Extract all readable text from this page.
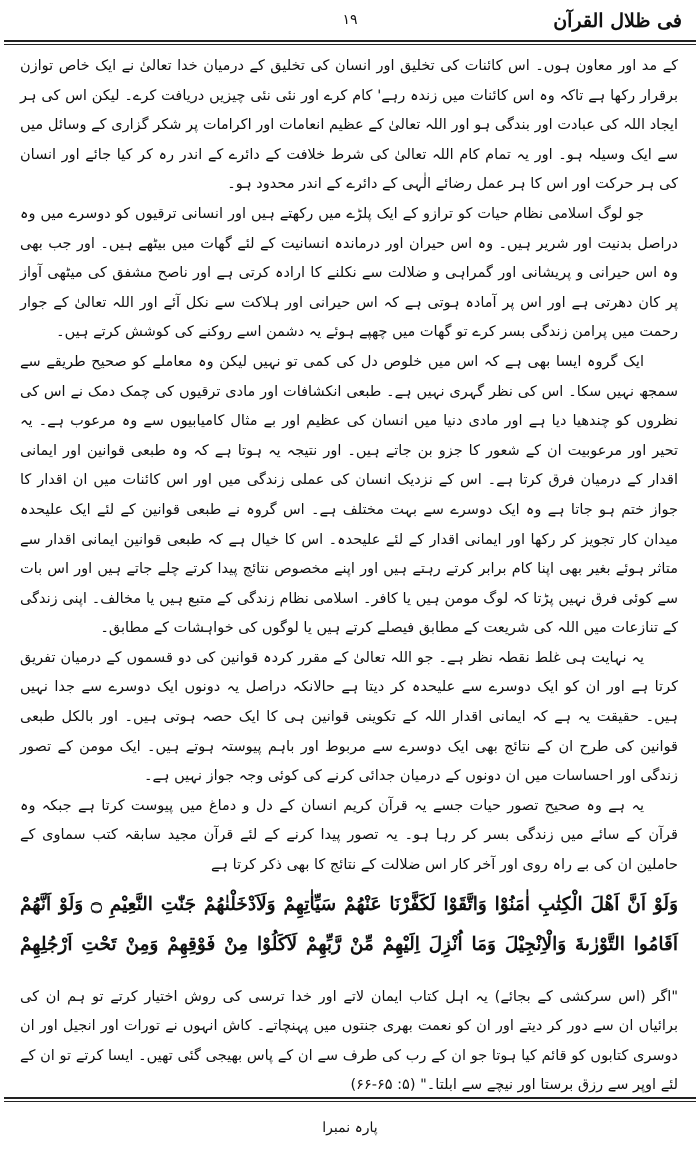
فی ظلال القرآن
۱۹

کے مد اور معاون ہوں۔ اس کائنات کی تخلیق اور انسان کی تخلیق کے درمیان خدا تعالیٰ نے ایک خاص توازن برقرار رکھا ہے تاکہ وہ اس کائنات میں زندہ رہے' کام کرے اور نئی نئی چیزیں دریافت کرے۔ لیکن اس کی ہر ایجاد اللہ کی عبادت اور بندگی ہو اور اللہ تعالیٰ کے عظیم انعامات اور اکرامات پر شکر گزاری کے وسائل میں سے ایک وسیلہ ہو۔ اور یہ تمام کام اللہ تعالیٰ کی شرط خلافت کے دائرے کے اندر رہ کر کیا جائے اور انسان کی ہر حرکت اور اس کا ہر عمل رضائے الٰہی کے دائرے کے اندر محدود ہو۔

جو لوگ اسلامی نظام حیات کو ترازو کے ایک پلڑے میں رکھتے ہیں اور انسانی ترقیوں کو دوسرے میں وہ دراصل بدنیت اور شریر ہیں۔ وہ اس حیران اور درماندہ انسانیت کے لئے گھات میں بیٹھے ہیں۔ اور جب بھی وہ اس حیرانی و پریشانی اور گمراہی و ضلالت سے نکلنے کا ارادہ کرتی ہے اور ناصح مشفق کی میٹھی آواز پر کان دھرتی ہے اور اس پر آمادہ ہوتی ہے کہ اس حیرانی اور ہلاکت سے نکل آئے اور اللہ تعالیٰ کے جوار رحمت میں پرامن زندگی بسر کرے تو گھات میں چھپے ہوئے یہ دشمن اسے روکنے کی کوشش کرتے ہیں۔

ایک گروہ ایسا بھی ہے کہ اس میں خلوص دل کی کمی تو نہیں لیکن وہ معاملے کو صحیح طریقے سے سمجھ نہیں سکا۔ اس کی نظر گہری نہیں ہے۔ طبعی انکشافات اور مادی ترقیوں کی چمک دمک نے اس کی نظروں کو چندھیا دیا ہے اور مادی دنیا میں انسان کی عظیم اور بے مثال کامیابیوں سے وہ مرعوب ہے۔ یہ تحیر اور مرعوبیت ان کے شعور کا جزو بن جاتے ہیں۔ اور نتیجہ یہ ہوتا ہے کہ وہ طبعی قوانین اور ایمانی اقدار کے درمیان فرق کرتا ہے۔ اس کے نزدیک انسان کی عملی زندگی میں اور اس کائنات میں ان اقدار کا جواز ختم ہو جاتا ہے وہ ایک دوسرے سے بہت مختلف ہے۔ اس گروہ نے طبعی قوانین کے لئے ایک علیحدہ میدان کار تجویز کر رکھا اور ایمانی اقدار کے لئے علیحدہ۔ اس کا خیال ہے کہ طبعی قوانین ایمانی اقدار سے متاثر ہوئے بغیر بھی اپنا کام برابر کرتے رہتے ہیں اور اپنے مخصوص نتائج پیدا کرتے چلے جاتے ہیں اور اس بات سے کوئی فرق نہیں پڑتا کہ لوگ مومن ہیں یا کافر۔ اسلامی نظام زندگی کے متبع ہیں یا مخالف۔ اپنی زندگی کے تنازعات میں اللہ کی شریعت کے مطابق فیصلے کرتے ہیں یا لوگوں کی خواہشات کے مطابق۔

یہ نہایت ہی غلط نقطہ نظر ہے۔ جو اللہ تعالیٰ کے مقرر کردہ قوانین کی دو قسموں کے درمیان تفریق کرتا ہے اور ان کو ایک دوسرے سے علیحدہ کر دیتا ہے حالانکہ دراصل یہ دونوں ایک دوسرے سے جدا نہیں ہیں۔ حقیقت یہ ہے کہ ایمانی اقدار اللہ کے تکوینی قوانین ہی کا ایک حصہ ہوتی ہیں۔ اور بالکل طبعی قوانین کی طرح ان کے نتائج بھی ایک دوسرے سے مربوط اور باہم پیوستہ ہوتے ہیں۔ ایک مومن کے تصور زندگی اور احساسات میں ان دونوں کے درمیان جدائی کرنے کی کوئی وجہ جواز نہیں ہے۔

یہ ہے وہ صحیح تصور حیات جسے یہ قرآن کریم انسان کے دل و دماغ میں پیوست کرتا ہے جبکہ وہ قرآن کے سائے میں زندگی بسر کر رہا ہو۔ یہ تصور پیدا کرنے کے لئے قرآن مجید سابقہ کتب سماوی کے حاملین ان کی بے راہ روی اور آخر کار اس ضلالت کے نتائج کا بھی ذکر کرتا ہے

وَلَوْ اَنَّ اَهْلَ الْكِتٰبِ اٰمَنُوْا وَاتَّقَوْا لَكَفَّرْنَا عَنْهُمْ سَيِّاٰتِهِمْ وَلَاَدْخَلْنٰهُمْ جَنّٰتِ النَّعِيْمِ ۝ وَلَوْ اَنَّهُمْ اَقَامُوا التَّوْرٰىةَ وَالْاِنْجِيْلَ وَمَا اُنْزِلَ اِلَيْهِمْ مِّنْ رَّبِّهِمْ لَاَكَلُوْا مِنْ فَوْقِهِمْ وَمِنْ تَحْتِ اَرْجُلِهِمْ

"اگر (اس سرکشی کے بجائے) یہ اہل کتاب ایمان لاتے اور خدا ترسی کی روش اختیار کرتے تو ہم ان کی برائیاں ان سے دور کر دیتے اور ان کو نعمت بھری جنتوں میں پہنچاتے۔ کاش انہوں نے تورات اور انجیل اور ان دوسری کتابوں کو قائم کیا ہوتا جو ان کے رب کی طرف سے ان کے پاس بھیجی گئی تھیں۔ ایسا کرتے تو ان کے لئے اوپر سے رزق برستا اور نیچے سے ابلتا۔" (۵: ۶۵-۶۶)

پارہ نمبرا
